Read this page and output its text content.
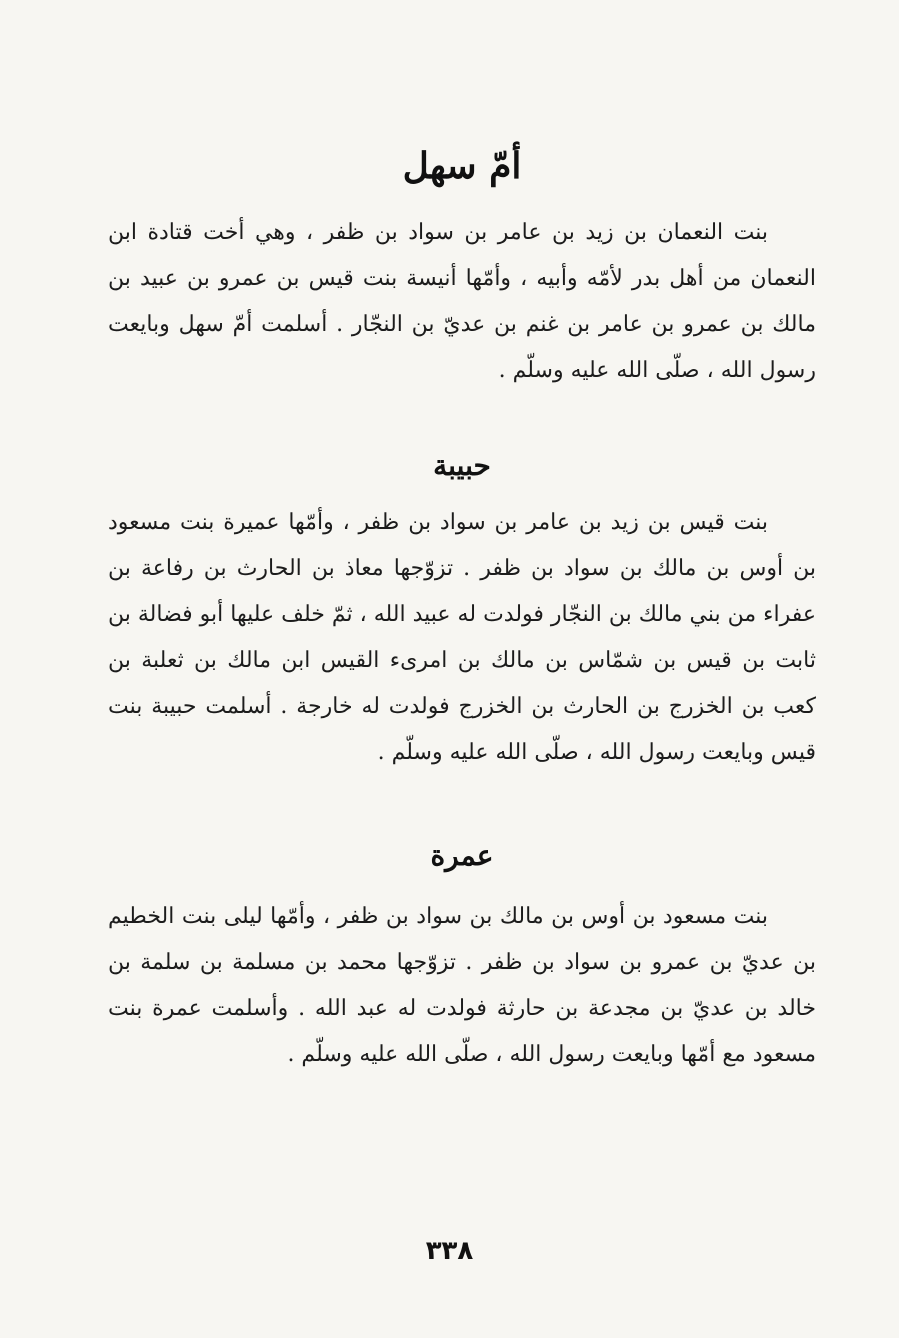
أمّ سهل

بنت النعمان بن زيد بن عامر بن سواد بن ظفر ، وهي أخت قتادة ابن النعمان من أهل بدر لأمّه وأبيه ، وأمّها أنيسة بنت قيس بن عمرو بن عبيد بن مالك بن عمرو بن عامر بن غنم بن عديّ بن النجّار . أسلمت أمّ سهل وبايعت رسول الله ، صلّى الله عليه وسلّم .

حبيبة

بنت قيس بن زيد بن عامر بن سواد بن ظفر ، وأمّها عميرة بنت مسعود بن أوس بن مالك بن سواد بن ظفر . تزوّجها معاذ بن الحارث بن رفاعة بن عفراء من بني مالك بن النجّار فولدت له عبيد الله ، ثمّ خلف عليها أبو فضالة بن ثابت بن قيس بن شمّاس بن مالك بن امرىء القيس ابن مالك بن ثعلبة بن كعب بن الخزرج بن الحارث بن الخزرج فولدت له خارجة . أسلمت حبيبة بنت قيس وبايعت رسول الله ، صلّى الله عليه وسلّم .

عمرة

بنت مسعود بن أوس بن مالك بن سواد بن ظفر ، وأمّها ليلى بنت الخطيم بن عديّ بن عمرو بن سواد بن ظفر . تزوّجها محمد بن مسلمة بن سلمة بن خالد بن عديّ بن مجدعة بن حارثة فولدت له عبد الله . وأسلمت عمرة بنت مسعود مع أمّها وبايعت رسول الله ، صلّى الله عليه وسلّم .

٣٣٨
